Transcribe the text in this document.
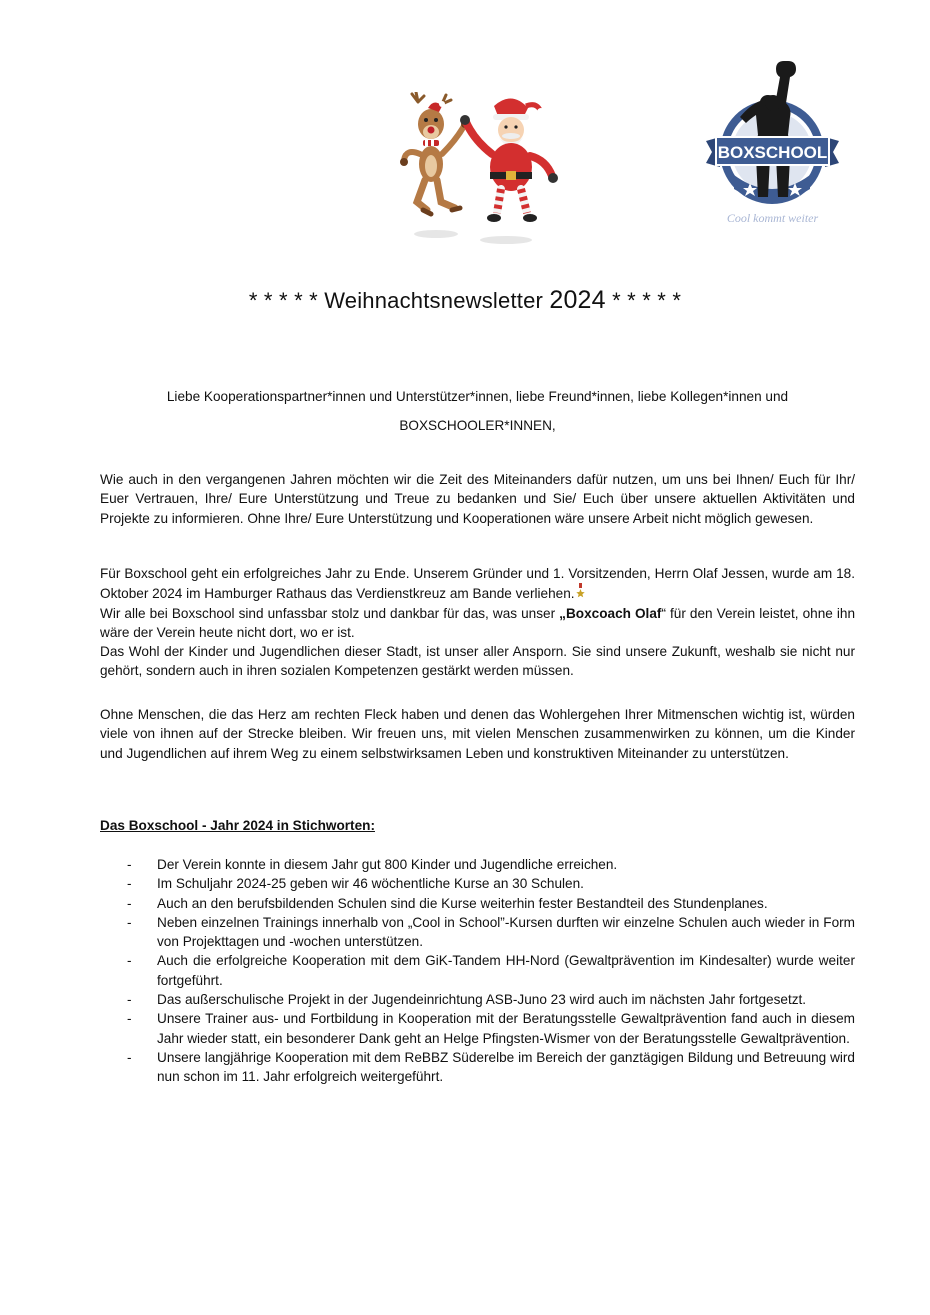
BOXSCHOOL
Cool kommt weiter
* * * * * Weihnachtsnewsletter 2024 * * * * *
Liebe Kooperationspartner*innen und Unterstützer*innen, liebe Freund*innen, liebe Kollegen*innen und
BOXSCHOOLER*INNEN,

Wie auch in den vergangenen Jahren möchten wir die Zeit des Miteinanders dafür nutzen, um uns bei Ihnen/ Euch für Ihr/ Euer Vertrauen, Ihre/ Eure Unterstützung und Treue zu bedanken und Sie/ Euch über unsere aktuellen Aktivitäten und Projekte zu informieren. Ohne Ihre/ Eure Unterstützung und Kooperationen wäre unsere Arbeit nicht möglich gewesen.

Für Boxschool geht ein erfolgreiches Jahr zu Ende. Unserem Gründer und 1. Vorsitzenden, Herrn Olaf Jessen, wurde am 18. Oktober 2024 im Hamburger Rathaus das Verdienstkreuz am Bande verliehen.
Wir alle bei Boxschool sind unfassbar stolz und dankbar für das, was unser „Boxcoach Olaf“ für den Verein leistet, ohne ihn wäre der Verein heute nicht dort, wo er ist.
Das Wohl der Kinder und Jugendlichen dieser Stadt, ist unser aller Ansporn. Sie sind unsere Zukunft, weshalb sie nicht nur gehört, sondern auch in ihren sozialen Kompetenzen gestärkt werden müssen.

Ohne Menschen, die das Herz am rechten Fleck haben und denen das Wohlergehen Ihrer Mitmenschen wichtig ist, würden viele von ihnen auf der Strecke bleiben. Wir freuen uns, mit vielen Menschen zusammenwirken zu können, um die Kinder und Jugendlichen auf ihrem Weg zu einem selbstwirksamen Leben und konstruktiven Miteinander zu unterstützen.

Das Boxschool - Jahr 2024 in Stichworten:
- Der Verein konnte in diesem Jahr gut 800 Kinder und Jugendliche erreichen.
- Im Schuljahr 2024-25 geben wir 46 wöchentliche Kurse an 30 Schulen.
- Auch an den berufsbildenden Schulen sind die Kurse weiterhin fester Bestandteil des Stundenplanes.
- Neben einzelnen Trainings innerhalb von „Cool in School”-Kursen durften wir einzelne Schulen auch wieder in Form von Projekttagen und -wochen unterstützen.
- Auch die erfolgreiche Kooperation mit dem GiK-Tandem HH-Nord (Gewaltprävention im Kindesalter) wurde weiter fortgeführt.
- Das außerschulische Projekt in der Jugendeinrichtung ASB-Juno 23 wird auch im nächsten Jahr fortgesetzt.
- Unsere Trainer aus- und Fortbildung in Kooperation mit der Beratungsstelle Gewaltprävention fand auch in diesem Jahr wieder statt, ein besonderer Dank geht an Helge Pfingsten-Wismer von der Beratungsstelle Gewaltprävention.
- Unsere langjährige Kooperation mit dem ReBBZ Süderelbe im Bereich der ganztägigen Bildung und Betreuung wird nun schon im 11. Jahr erfolgreich weitergeführt.
